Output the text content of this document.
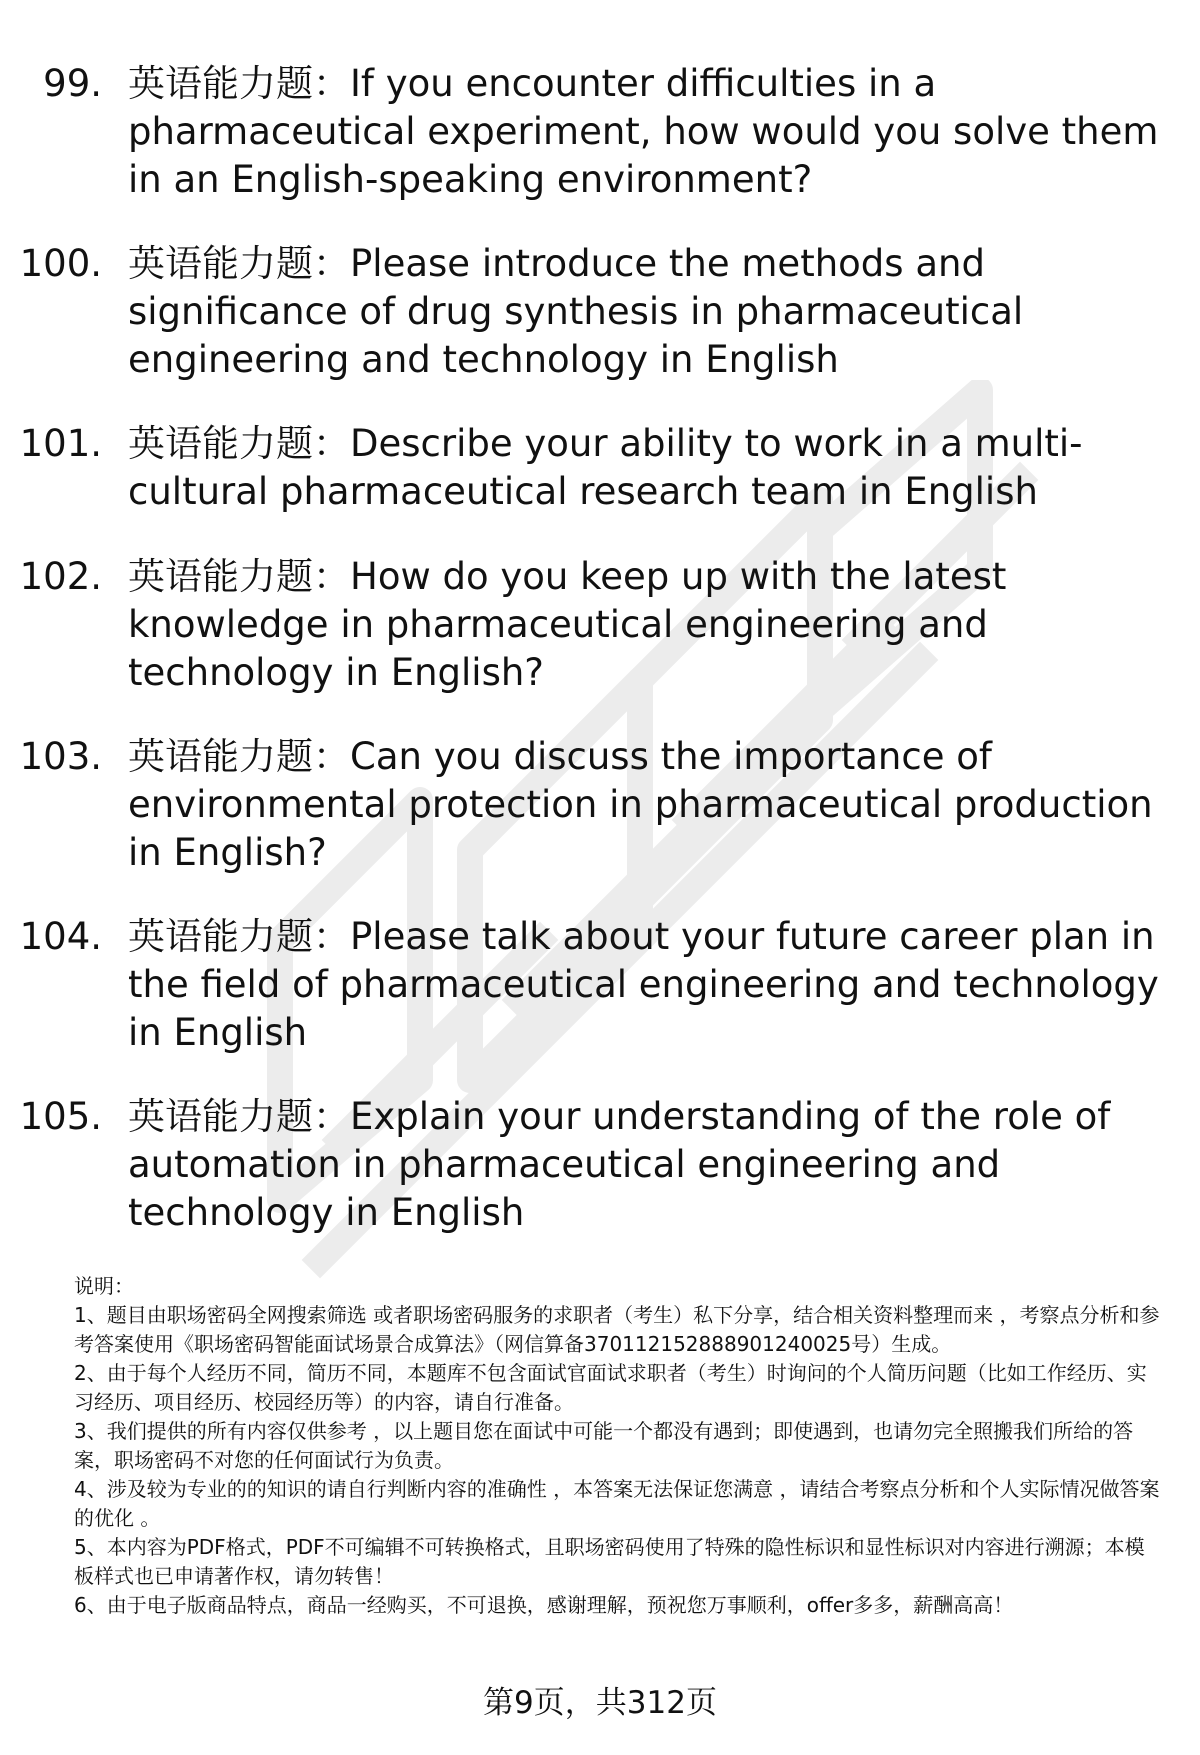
99. 英语能力题：If you encounter difficulties in a pharmaceutical experiment, how would you solve them in an English-speaking environment?
100. 英语能力题：Please introduce the methods and significance of drug synthesis in pharmaceutical engineering and technology in English
101. 英语能力题：Describe your ability to work in a multi-cultural pharmaceutical research team in English
102. 英语能力题：How do you keep up with the latest knowledge in pharmaceutical engineering and technology in English?
103. 英语能力题：Can you discuss the importance of environmental protection in pharmaceutical production in English?
104. 英语能力题：Please talk about your future career plan in the field of pharmaceutical engineering and technology in English
105. 英语能力题：Explain your understanding of the role of automation in pharmaceutical engineering and technology in English

说明：

1、题目由职场密码全网搜索筛选 或者职场密码服务的求职者（考生）私下分享，结合相关资料整理而来 ，考察点分析和参考答案使用《职场密码智能面试场景合成算法》（网信算备370112152888901240025号）生成。

2、由于每个人经历不同，简历不同，本题库不包含面试官面试求职者（考生）时询问的个人简历问题（比如工作经历、实习经历、项目经历、校园经历等）的内容，请自行准备。

3、我们提供的所有内容仅供参考 ，以上题目您在面试中可能一个都没有遇到；即使遇到，也请勿完全照搬我们所给的答案，职场密码不对您的任何面试行为负责。

4、涉及较为专业的的知识的请自行判断内容的准确性 ，本答案无法保证您满意 ，请结合考察点分析和个人实际情况做答案的优化 。

5、本内容为PDF格式，PDF不可编辑不可转换格式，且职场密码使用了特殊的隐性标识和显性标识对内容进行溯源；本模板样式也已申请著作权，请勿转售！

6、由于电子版商品特点，商品一经购买，不可退换，感谢理解，预祝您万事顺利，offer多多，薪酬高高！

第9页，共312页
